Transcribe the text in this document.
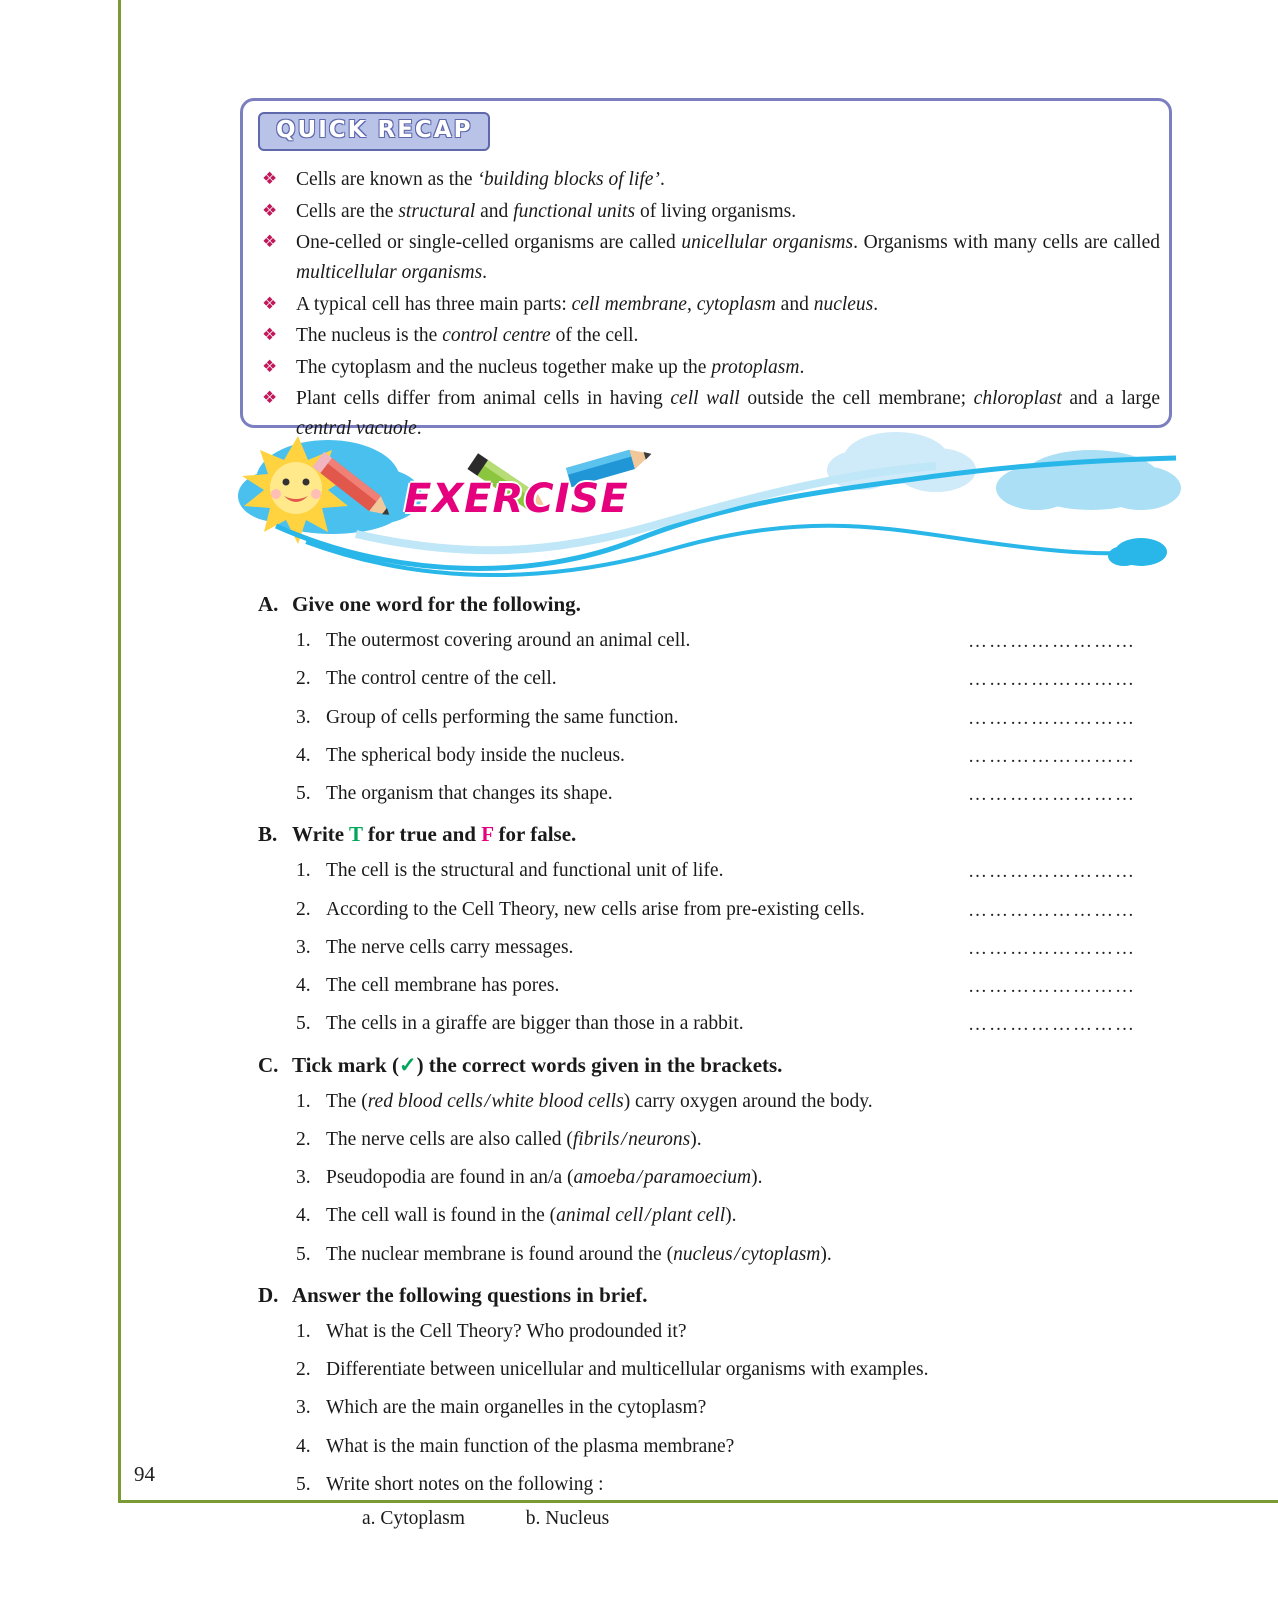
QUICK RECAP
❖ Cells are known as the ‘building blocks of life’.
❖ Cells are the structural and functional units of living organisms.
❖ One-celled or single-celled organisms are called unicellular organisms. Organisms with many cells are called multicellular organisms.
❖ A typical cell has three main parts: cell membrane, cytoplasm and nucleus.
❖ The nucleus is the control centre of the cell.
❖ The cytoplasm and the nucleus together make up the protoplasm.
❖ Plant cells differ from animal cells in having cell wall outside the cell membrane; chloroplast and a large central vacuole.
EXERCISE
A. Give one word for the following.
1. The outermost covering around an animal cell.	……………………
2. The control centre of the cell.	……………………
3. Group of cells performing the same function.	……………………
4. The spherical body inside the nucleus.	……………………
5. The organism that changes its shape.	……………………
B. Write T for true and F for false.
1. The cell is the structural and functional unit of life.	……………………
2. According to the Cell Theory, new cells arise from pre-existing cells.	……………………
3. The nerve cells carry messages.	……………………
4. The cell membrane has pores.	……………………
5. The cells in a giraffe are bigger than those in a rabbit.	……………………
C. Tick mark (✓) the correct words given in the brackets.
1. The (red blood cells / white blood cells) carry oxygen around the body.
2. The nerve cells are also called (fibrils / neurons).
3. Pseudopodia are found in an/a (amoeba / paramoecium).
4. The cell wall is found in the (animal cell / plant cell).
5. The nuclear membrane is found around the (nucleus / cytoplasm).
D. Answer the following questions in brief.
1. What is the Cell Theory? Who prodounded it?
2. Differentiate between unicellular and multicellular organisms with examples.
3. Which are the main organelles in the cytoplasm?
4. What is the main function of the plasma membrane?
5. Write short notes on the following :
a. Cytoplasm	b. Nucleus
94
